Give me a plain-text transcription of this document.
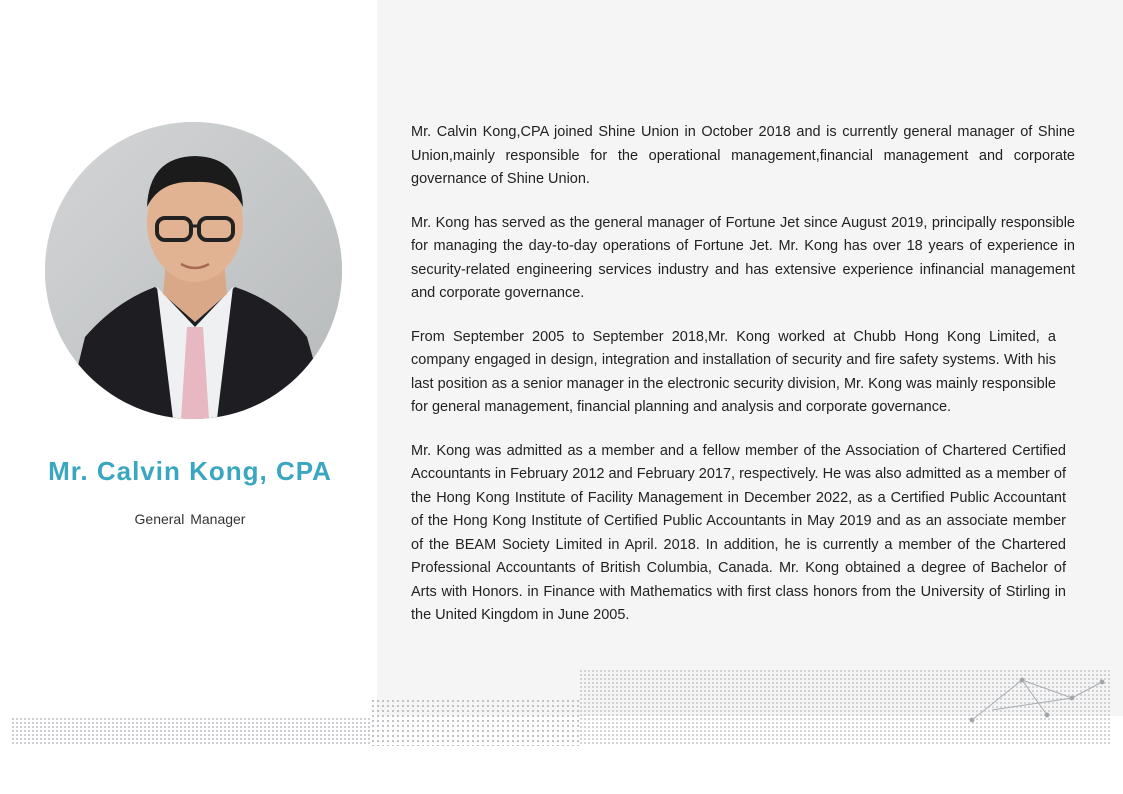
Mr. Calvin Kong, CPA

General Manager

Mr. Calvin Kong,CPA joined Shine Union in October 2018 and is currently general manager of Shine Union,mainly responsible for the operational management,financial management and corporate governance of Shine Union.

Mr. Kong has served as the general manager of Fortune Jet since August 2019, principally responsible for managing the day-to-day operations of Fortune Jet. Mr. Kong has over 18 years of experience in security-related engineering services industry and has extensive experience infinancial management and corporate governance.

From September 2005 to September 2018,Mr. Kong worked at Chubb Hong Kong Limited, a company engaged in design, integration and installation of security and fire safety systems. With his last position as a senior manager in the electronic security division, Mr. Kong was mainly responsible for general management, financial planning and analysis and corporate governance.

Mr. Kong was admitted as a member and a fellow member of the Association of Chartered Certified Accountants in February 2012 and February 2017, respectively. He was also admitted as a member of the Hong Kong Institute of Facility Management in December 2022, as a Certified Public Accountant of the Hong Kong Institute of Certified Public Accountants in May 2019 and as an associate member of the BEAM Society Limited in April. 2018. In addition, he is currently a member of the Chartered Professional Accountants of British Columbia, Canada. Mr. Kong obtained a degree of Bachelor of Arts with Honors. in Finance with Mathematics with first class honors from the University of Stirling in the United Kingdom in June 2005.
